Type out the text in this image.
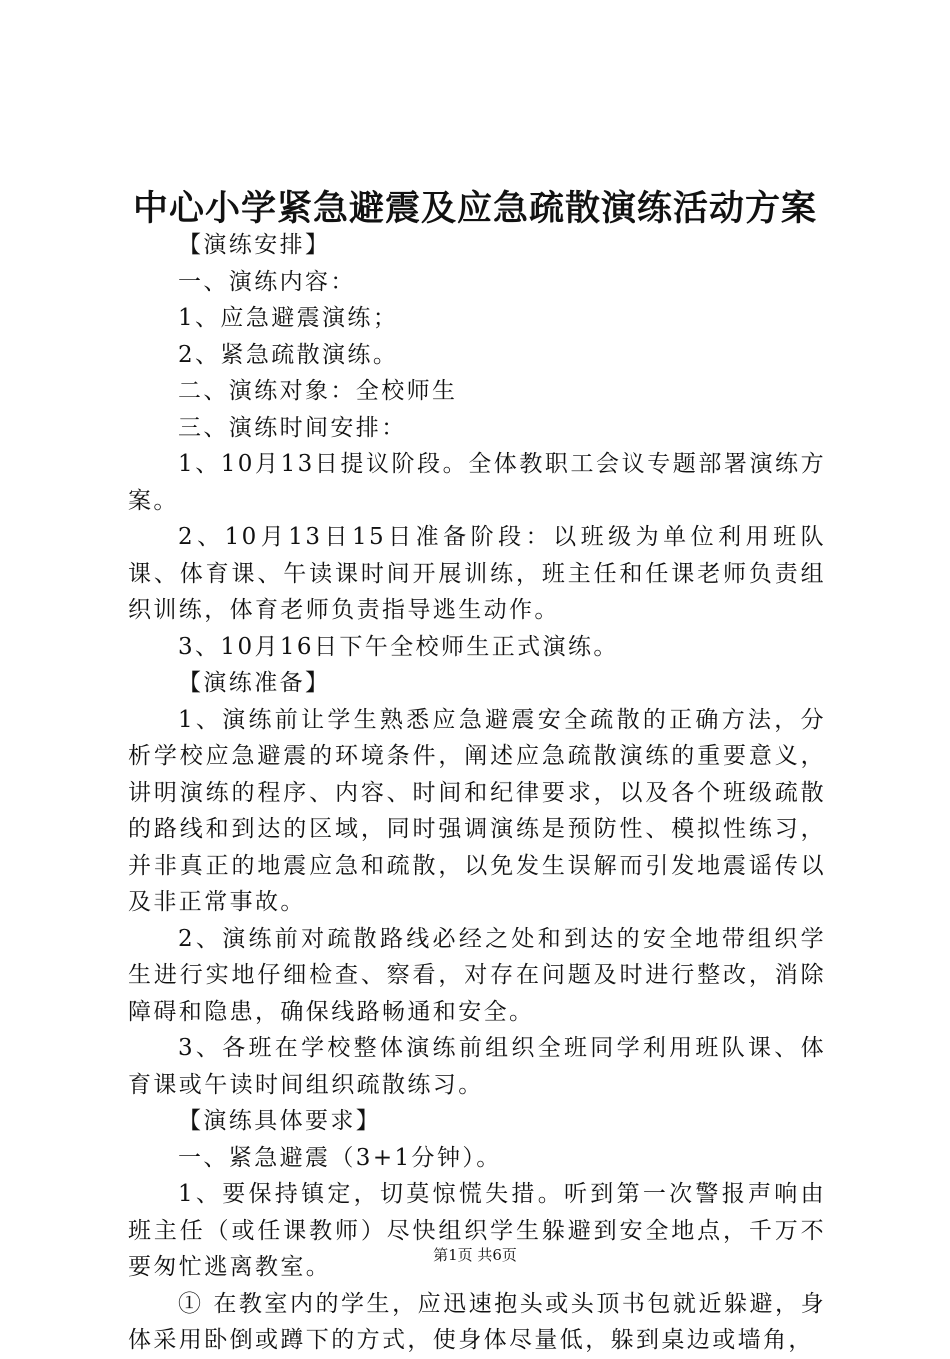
中心小学紧急避震及应急疏散演练活动方案

【演练安排】

一、演练内容：

1、应急避震演练；

2、紧急疏散演练。

二、演练对象：全校师生

三、演练时间安排：

1、10月13日提议阶段。全体教职工会议专题部署演练方案。

2、10月13日15日准备阶段：以班级为单位利用班队课、体育课、午读课时间开展训练，班主任和任课老师负责组织训练，体育老师负责指导逃生动作。

3、10月16日下午全校师生正式演练。

【演练准备】

1、演练前让学生熟悉应急避震安全疏散的正确方法，分析学校应急避震的环境条件，阐述应急疏散演练的重要意义，讲明演练的程序、内容、时间和纪律要求，以及各个班级疏散的路线和到达的区域，同时强调演练是预防性、模拟性练习，并非真正的地震应急和疏散，以免发生误解而引发地震谣传以及非正常事故。

2、演练前对疏散路线必经之处和到达的安全地带组织学生进行实地仔细检查、察看，对存在问题及时进行整改，消除障碍和隐患，确保线路畅通和安全。

3、各班在学校整体演练前组织全班同学利用班队课、体育课或午读时间组织疏散练习。

【演练具体要求】

一、紧急避震（3+1分钟）。

1、要保持镇定，切莫惊慌失措。听到第一次警报声响由班主任（或任课教师）尽快组织学生躲避到安全地点，千万不要匆忙逃离教室。

① 在教室内的学生，应迅速抱头或头顶书包就近躲避，身体采用卧倒或蹲下的方式，使身体尽量低，躲到桌边或墙角，

第1页 共6页
